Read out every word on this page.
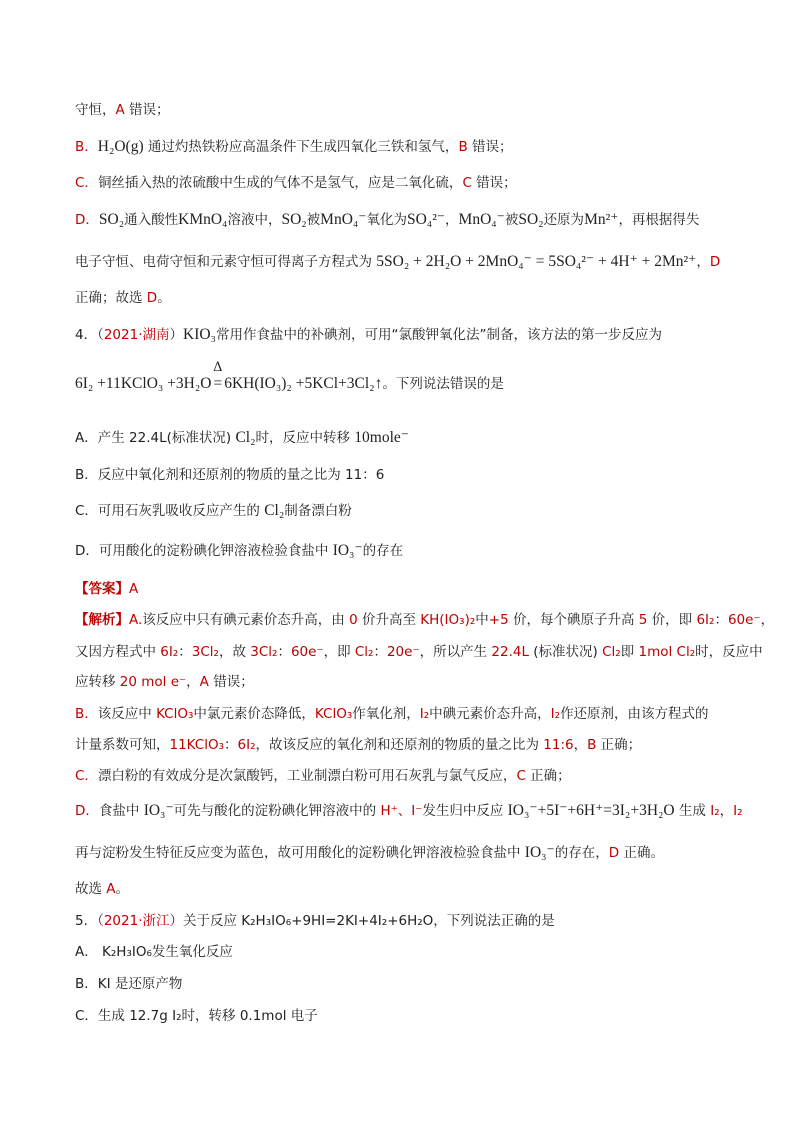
守恒，A 错误；
B．H₂O(g) 通过灼热铁粉应高温条件下生成四氧化三铁和氢气，B 错误；
C．铜丝插入热的浓硫酸中生成的气体不是氢气，应是二氧化硫，C 错误；
D．SO₂通入酸性KMnO₄溶液中，SO₂被MnO₄⁻氧化为SO₄²⁻，MnO₄⁻被SO₂还原为Mn²⁺，再根据得失
电子守恒、电荷守恒和元素守恒可得离子方程式为 5SO₂ + 2H₂O + 2MnO₄⁻ = 5SO₄²⁻ + 4H⁺ + 2Mn²⁺，D
正确；故选 D。
4．（2021·湖南）KIO₃常用作食盐中的补碘剂，可用“氯酸钾氧化法”制备，该方法的第一步反应为
6I₂ +11KClO₃ +3H₂O =
Δ
6KH(IO₃)₂ +5KCl+3Cl₂↑。下列说法错误的是
A．产生 22.4L(标准状况) Cl₂时，反应中转移 10mole⁻
B．反应中氧化剂和还原剂的物质的量之比为 11：6
C．可用石灰乳吸收反应产生的 Cl₂制备漂白粉
D．可用酸化的淀粉碘化钾溶液检验食盐中 IO₃⁻的存在
【答案】A
【解析】A.该反应中只有碘元素价态升高，由 0 价升高至 KH(IO₃)₂中+5 价，每个碘原子升高 5 价，即 6I₂：60e⁻，
又因方程式中 6I₂：3Cl₂，故 3Cl₂：60e⁻，即 Cl₂：20e⁻，所以产生 22.4L (标准状况) Cl₂即 1mol Cl₂时，反应中
应转移 20 mol e⁻，A 错误；
B．该反应中 KClO₃中氯元素价态降低，KClO₃作氧化剂，I₂中碘元素价态升高，I₂作还原剂，由该方程式的
计量系数可知，11KClO₃：6I₂，故该反应的氧化剂和还原剂的物质的量之比为 11:6，B 正确；
C．漂白粉的有效成分是次氯酸钙，工业制漂白粉可用石灰乳与氯气反应，C 正确；
D．食盐中 IO₃⁻可先与酸化的淀粉碘化钾溶液中的 H⁺、I⁻发生归中反应 IO₃⁻+5I⁻+6H⁺=3I₂+3H₂O 生成 I₂，I₂
再与淀粉发生特征反应变为蓝色，故可用酸化的淀粉碘化钾溶液检验食盐中 IO₃⁻的存在，D 正确。
故选 A。
5．（2021·浙江）关于反应 K₂H₃IO₆+9HI=2KI+4I₂+6H₂O，下列说法正确的是
A． K₂H₃IO₆发生氧化反应
B．KI 是还原产物
C．生成 12.7g I₂时，转移 0.1mol 电子
